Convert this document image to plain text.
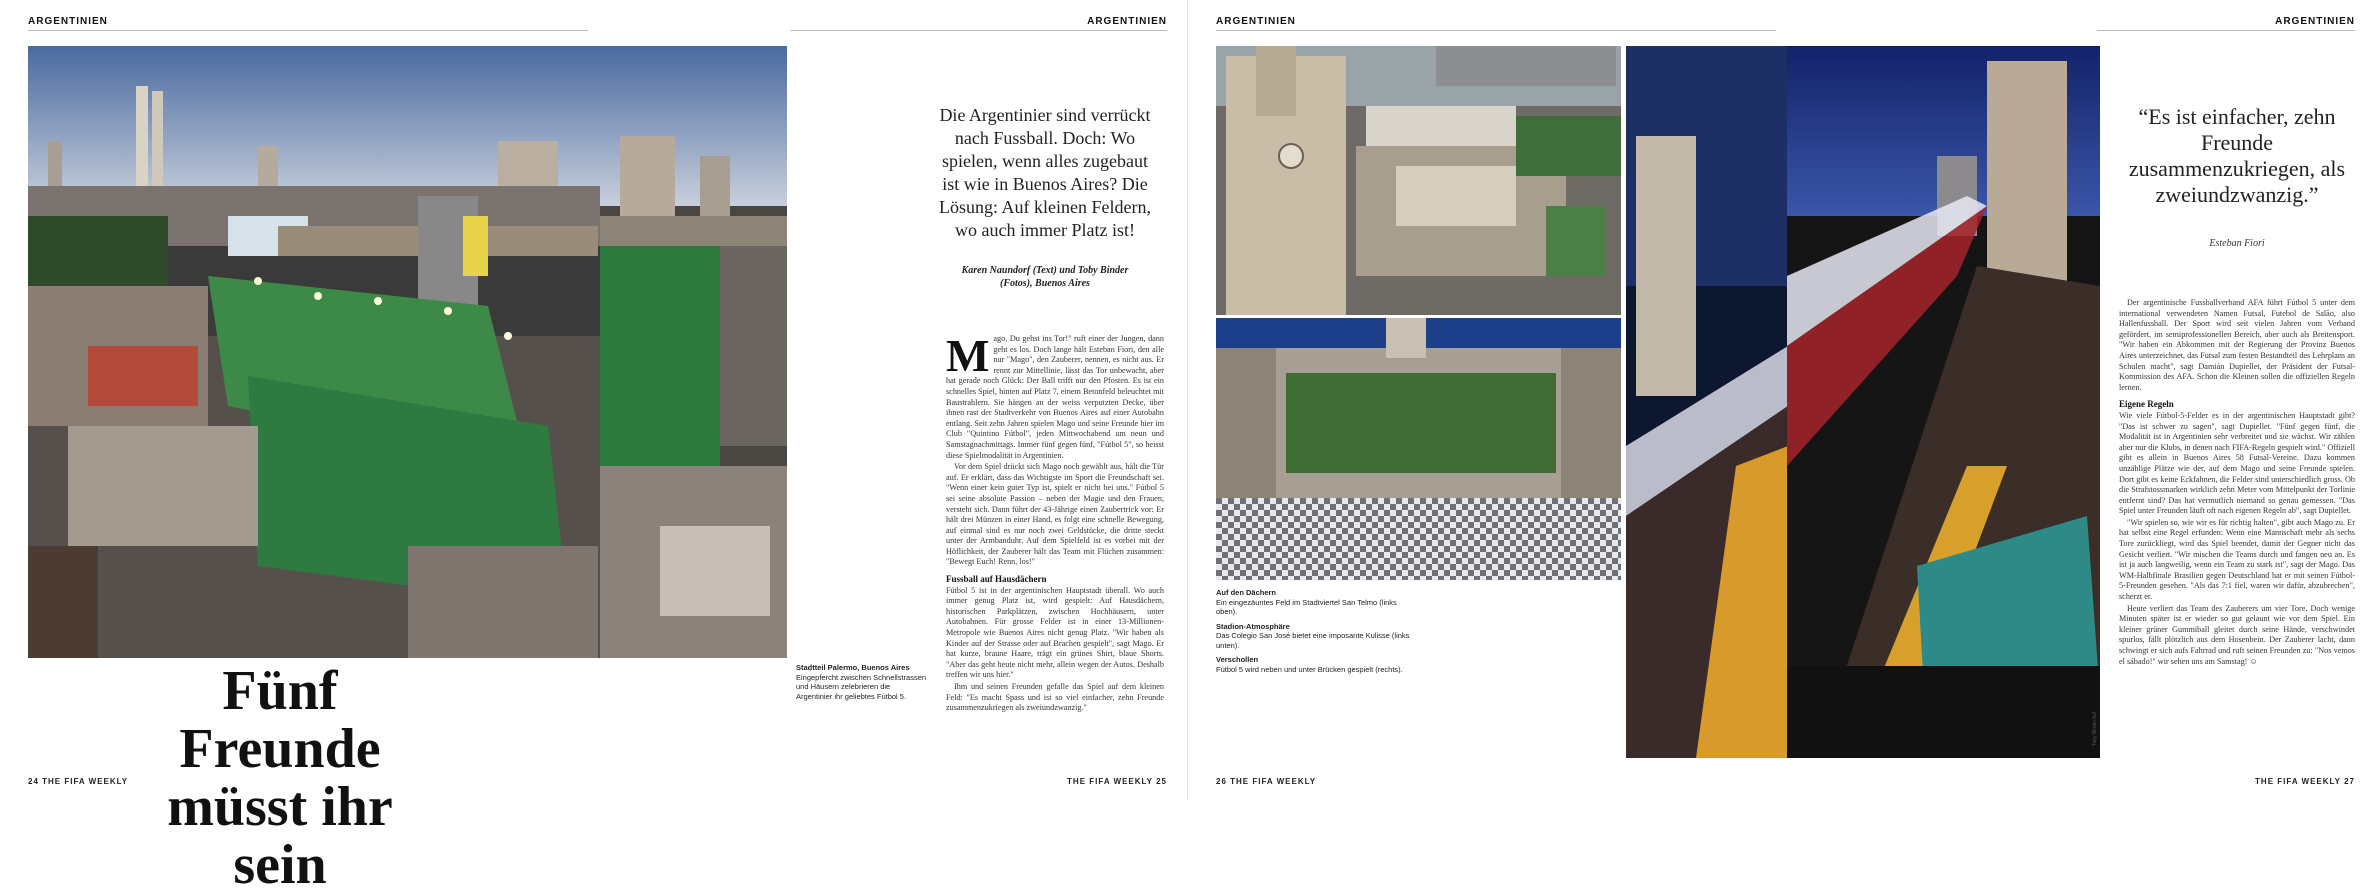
ARGENTINIEN
Fünf Freunde
müsst ihr sein
24 THE FIFA WEEKLY
ARGENTINIEN
Stadtteil Palermo, Buenos Aires
Eingepfercht zwischen Schnellstrassen und Häusern zelebrieren die Argentinier ihr geliebtes Fútbol 5.
Die Argentinier sind verrückt nach Fussball. Doch: Wo spielen, wenn alles zugebaut ist wie in Buenos Aires? Die Lösung: Auf kleinen Feldern, wo auch immer Platz ist!
Karen Naundorf (Text) und Toby Binder (Fotos), Buenos Aires

Mago, Du gehst ins Tor!" ruft einer der Jungen, dann geht es los. Doch lange hält Esteban Fiori, den alle nur "Mago", den Zauberer, nennen, es nicht aus. Er rennt zur Mittellinie, lässt das Tor unbewacht, aber hat gerade noch Glück: Der Ball trifft nur den Pfosten. Es ist ein schnelles Spiel, hinten auf Platz 7, einem Betonfeld beleuchtet mit Baustrahlern. Sie hängen an der weiss verputzten Decke, über ihnen rast der Stadtverkehr von Buenos Aires auf einer Autobahn entlang. Seit zehn Jahren spielen Mago und seine Freunde hier im Club "Quintino Fútbol", jeden Mittwochabend um neun und Samstagnachmittags. Immer fünf gegen fünf, "Fútbol 5", so heisst diese Spielmodalität in Argentinien.

Vor dem Spiel drückt sich Mago noch gewählt aus, hält die Tür auf. Er erklärt, dass das Wichtigste im Sport die Freundschaft sei. "Wenn einer kein guter Typ ist, spielt er nicht bei uns." Fútbol 5 sei seine absolute Passion – neben der Magie und den Frauen, versteht sich. Dann führt der 43-Jährige einen Zaubertrick vor: Er hält drei Münzen in einer Hand, es folgt eine schnelle Bewegung, auf einmal sind es nur noch zwei Geldstücke, die dritte steckt unter der Armbanduhr. Auf dem Spielfeld ist es vorbei mit der Höflichkeit, der Zauberer hält das Team mit Flüchen zusammen: "Bewegt Euch! Renn, los!"

Fussball auf Hausdächern

Fútbol 5 ist in der argentinischen Hauptstadt überall. Wo auch immer genug Platz ist, wird gespielt: Auf Hausdächern, historischen Parkplätzen, zwischen Hochhäusern, unter Autobahnen. Für grosse Felder ist in einer 13-Millionen-Metropole wie Buenos Aires nicht genug Platz. "Wir haben als Kinder auf der Strasse oder auf Brachen gespielt", sagt Mago. Er hat kurze, braune Haare, trägt ein grünes Shirt, blaue Shorts. "Aber das geht heute nicht mehr, allein wegen der Autos. Deshalb treffen wir uns hier."

Ihm und seinen Freunden gefalle das Spiel auf dem kleinen Feld: "Es macht Spass und ist so viel einfacher, zehn Freunde zusammenzukriegen als zweiundzwanzig."

THE FIFA WEEKLY 25
ARGENTINIEN
Auf den Dächern
Ein eingezäuntes Feld im Stadtviertel San Telmo (links oben).
Stadion-Atmosphäre
Das Colegio San José bietet eine imposante Kulisse (links unten).
Verschollen
Fútbol 5 wird neben und unter Brücken gespielt (rechts).
26 THE FIFA WEEKLY
ARGENTINIEN
Toby Binder/laif
“Es ist einfacher, zehn Freunde zusammenzukriegen, als zweiundzwanzig.”
Esteban Fiori

Der argentinische Fussballverband AFA führt Fútbol 5 unter dem international verwendeten Namen Futsal, Futebol de Salão, also Hallenfussball. Der Sport wird seit vielen Jahren vom Verband gefördert, im semiprofessionellen Bereich, aber auch als Breitensport. "Wir haben ein Abkommen mit der Regierung der Provinz Buenos Aires unterzeichnet, das Futsal zum festen Bestandteil des Lehrplans an Schulen macht", sagt Damián Dupiellet, der Präsident der Futsal-Kommission des AFA. Schon die Kleinen sollen die offiziellen Regeln lernen.

Eigene Regeln

Wie viele Fútbol-5-Felder es in der argentinischen Hauptstadt gibt? "Das ist schwer zu sagen", sagt Dupiellet. "Fünf gegen fünf, die Modalität ist in Argentinien sehr verbreitet und sie wächst. Wir zählen aber nur die Klubs, in denen nach FIFA-Regeln gespielt wird." Offiziell gibt es allein in Buenos Aires 58 Futsal-Vereine. Dazu kommen unzählige Plätze wie der, auf dem Mago und seine Freunde spielen. Dort gibt es keine Eckfahnen, die Felder sind unterschiedlich gross. Ob die Strafstossmarken wirklich zehn Meter vom Mittelpunkt der Torlinie entfernt sind? Das hat vermutlich niemand so genau gemessen. "Das Spiel unter Freunden läuft oft nach eigenen Regeln ab", sagt Dupiellet.

"Wir spielen so, wie wir es für richtig halten", gibt auch Mago zu. Er hat selbst eine Regel erfunden: Wenn eine Mannschaft mehr als sechs Tore zurückliegt, wird das Spiel beendet, damit der Gegner nicht das Gesicht verliert. "Wir mischen die Teams durch und fangen neu an. Es ist ja auch langweilig, wenn ein Team zu stark ist", sagt der Mago. Das WM-Halbfinale Brasilien gegen Deutschland hat er mit seinen Fútbol-5-Freunden gesehen. "Als das 7:1 fiel, waren wir dafür, abzubrechen", scherzt er.

Heute verliert das Team des Zauberers um vier Tore. Doch wenige Minuten später ist er wieder so gut gelaunt wie vor dem Spiel. Ein kleiner grüner Gummiball gleitet durch seine Hände, verschwindet spurlos, fällt plötzlich aus dem Hosenbein. Der Zauberer lacht, dann schwingt er sich aufs Fahrrad und ruft seinen Freunden zu: "Nos vemos el sábado!" wir sehen uns am Samstag! ☺

THE FIFA WEEKLY 27
